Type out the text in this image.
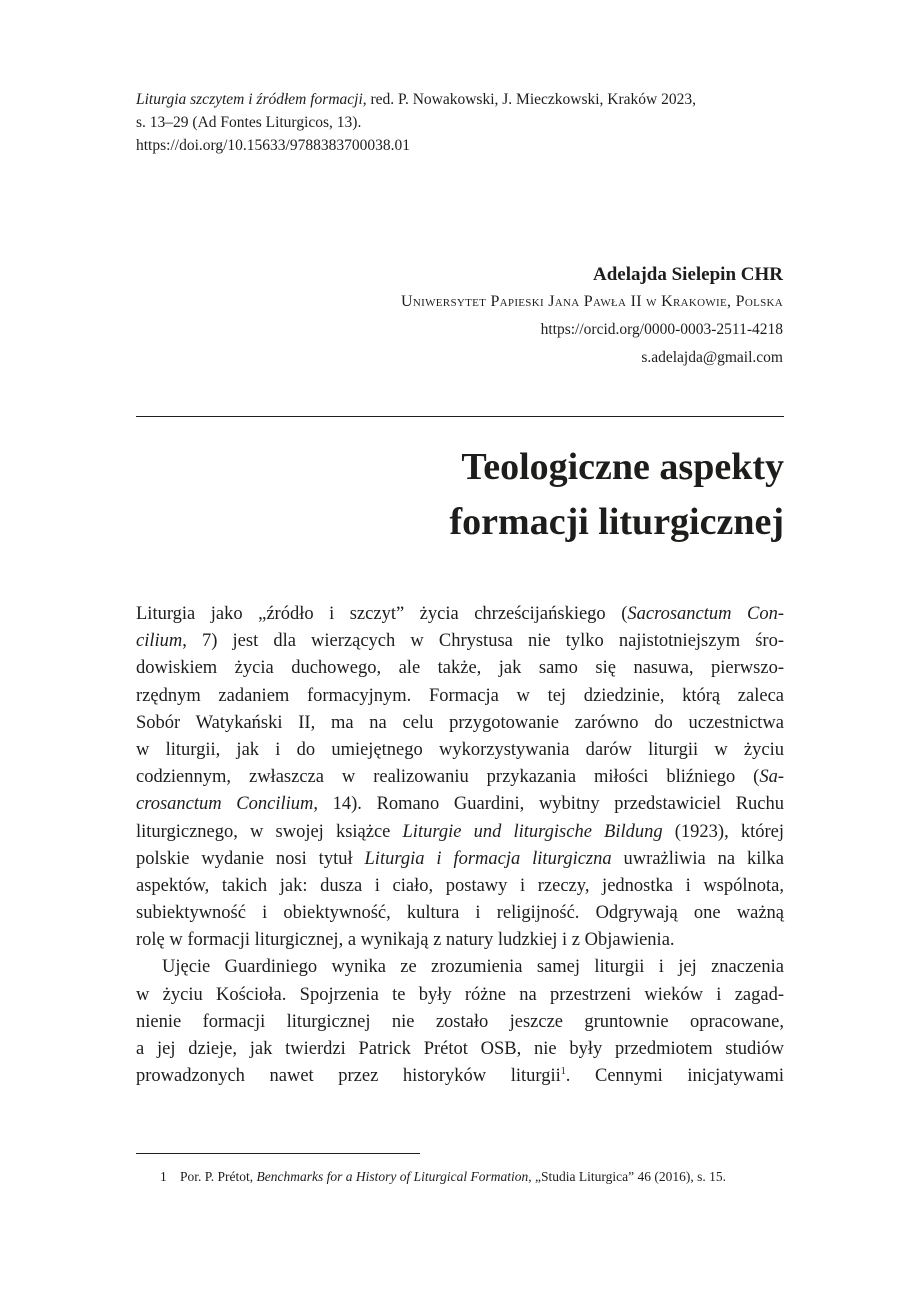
Liturgia szczytem i źródłem formacji, red. P. Nowakowski, J. Mieczkowski, Kraków 2023,
s. 13–29 (Ad Fontes Liturgicos, 13).
https://doi.org/10.15633/9788383700038.01
Adelajda Sielepin CHR
Uniwersytet Papieski Jana Pawła II w Krakowie, Polska
https://orcid.org/0000-0003-2511-4218
s.adelajda@gmail.com
Teologiczne aspekty
formacji liturgicznej
Liturgia jako „źródło i szczyt” życia chrześcijańskiego (Sacrosanctum Con-
cilium, 7) jest dla wierzących w Chrystusa nie tylko najistotniejszym śro-
dowiskiem życia duchowego, ale także, jak samo się nasuwa, pierwszo-
rzędnym zadaniem formacyjnym. Formacja w tej dziedzinie, którą zaleca
Sobór Watykański II, ma na celu przygotowanie zarówno do uczestnictwa
w liturgii, jak i do umiejętnego wykorzystywania darów liturgii w życiu
codziennym, zwłaszcza w realizowaniu przykazania miłości bliźniego (Sa-
crosanctum Concilium, 14). Romano Guardini, wybitny przedstawiciel Ruchu
liturgicznego, w swojej książce Liturgie und liturgische Bildung (1923), której
polskie wydanie nosi tytuł Liturgia i formacja liturgiczna uwrażliwia na kilka
aspektów, takich jak: dusza i ciało, postawy i rzeczy, jednostka i wspólnota,
subiektywność i obiektywność, kultura i religijność. Odgrywają one ważną
rolę w formacji liturgicznej, a wynikają z natury ludzkiej i z Objawienia.
Ujęcie Guardiniego wynika ze zrozumienia samej liturgii i jej znaczenia
w życiu Kościoła. Spojrzenia te były różne na przestrzeni wieków i zagad-
nienie formacji liturgicznej nie zostało jeszcze gruntownie opracowane,
a jej dzieje, jak twierdzi Patrick Prétot OSB, nie były przedmiotem studiów
prowadzonych nawet przez historyków liturgii$^1$. Cennymi inicjatywami
1 Por. P. Prétot, Benchmarks for a History of Liturgical Formation, „Studia Liturgica” 46 (2016), s. 15.
